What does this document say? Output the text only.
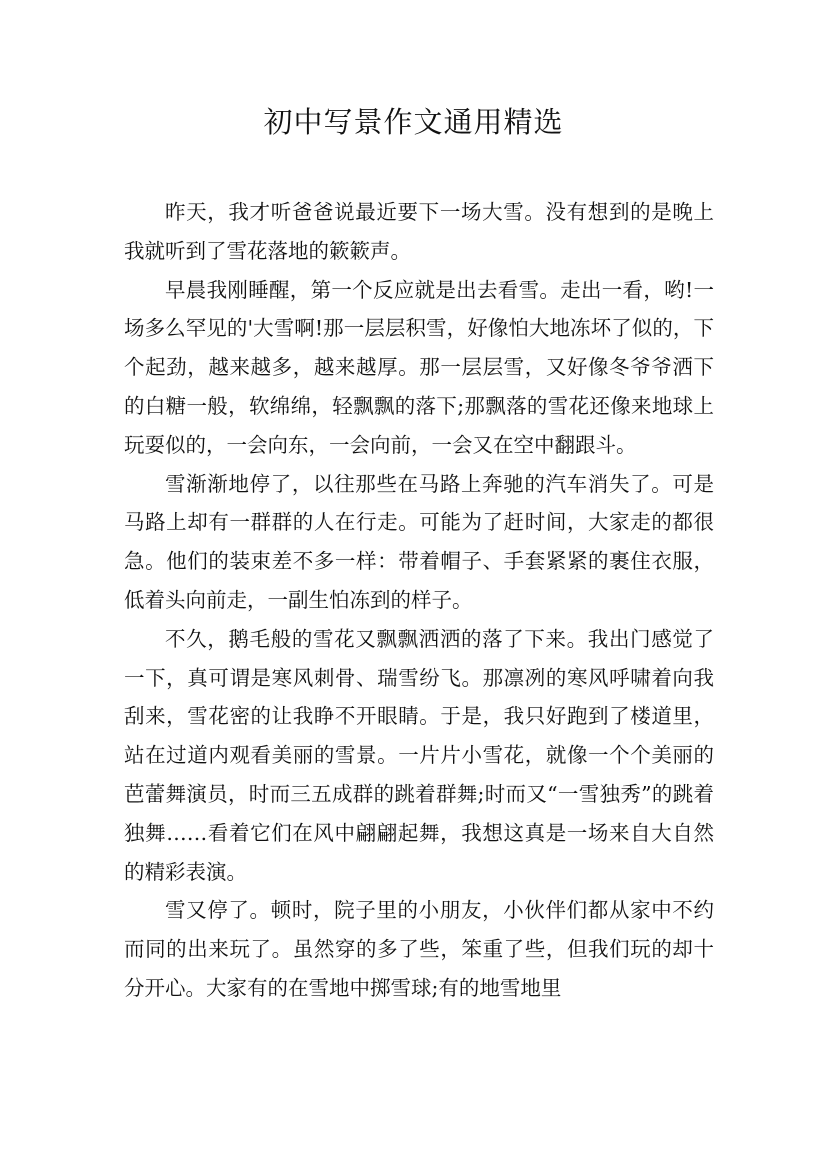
初中写景作文通用精选

昨天，我才听爸爸说最近要下一场大雪。没有想到的是晚上我就听到了雪花落地的簌簌声。

早晨我刚睡醒，第一个反应就是出去看雪。走出一看，哟!一场多么罕见的'大雪啊!那一层层积雪，好像怕大地冻坏了似的，下个起劲，越来越多，越来越厚。那一层层雪，又好像冬爷爷洒下的白糖一般，软绵绵，轻飘飘的落下;那飘落的雪花还像来地球上玩耍似的，一会向东，一会向前，一会又在空中翻跟斗。

雪渐渐地停了，以往那些在马路上奔驰的汽车消失了。可是马路上却有一群群的人在行走。可能为了赶时间，大家走的都很急。他们的装束差不多一样：带着帽子、手套紧紧的裹住衣服，低着头向前走，一副生怕冻到的样子。

不久，鹅毛般的雪花又飘飘洒洒的落了下来。我出门感觉了一下，真可谓是寒风刺骨、瑞雪纷飞。那凛冽的寒风呼啸着向我刮来，雪花密的让我睁不开眼睛。于是，我只好跑到了楼道里，站在过道内观看美丽的雪景。一片片小雪花，就像一个个美丽的芭蕾舞演员，时而三五成群的跳着群舞;时而又“一雪独秀”的跳着独舞……看着它们在风中翩翩起舞，我想这真是一场来自大自然的精彩表演。

雪又停了。顿时，院子里的小朋友，小伙伴们都从家中不约而同的出来玩了。虽然穿的多了些，笨重了些，但我们玩的却十分开心。大家有的在雪地中掷雪球;有的地雪地里
